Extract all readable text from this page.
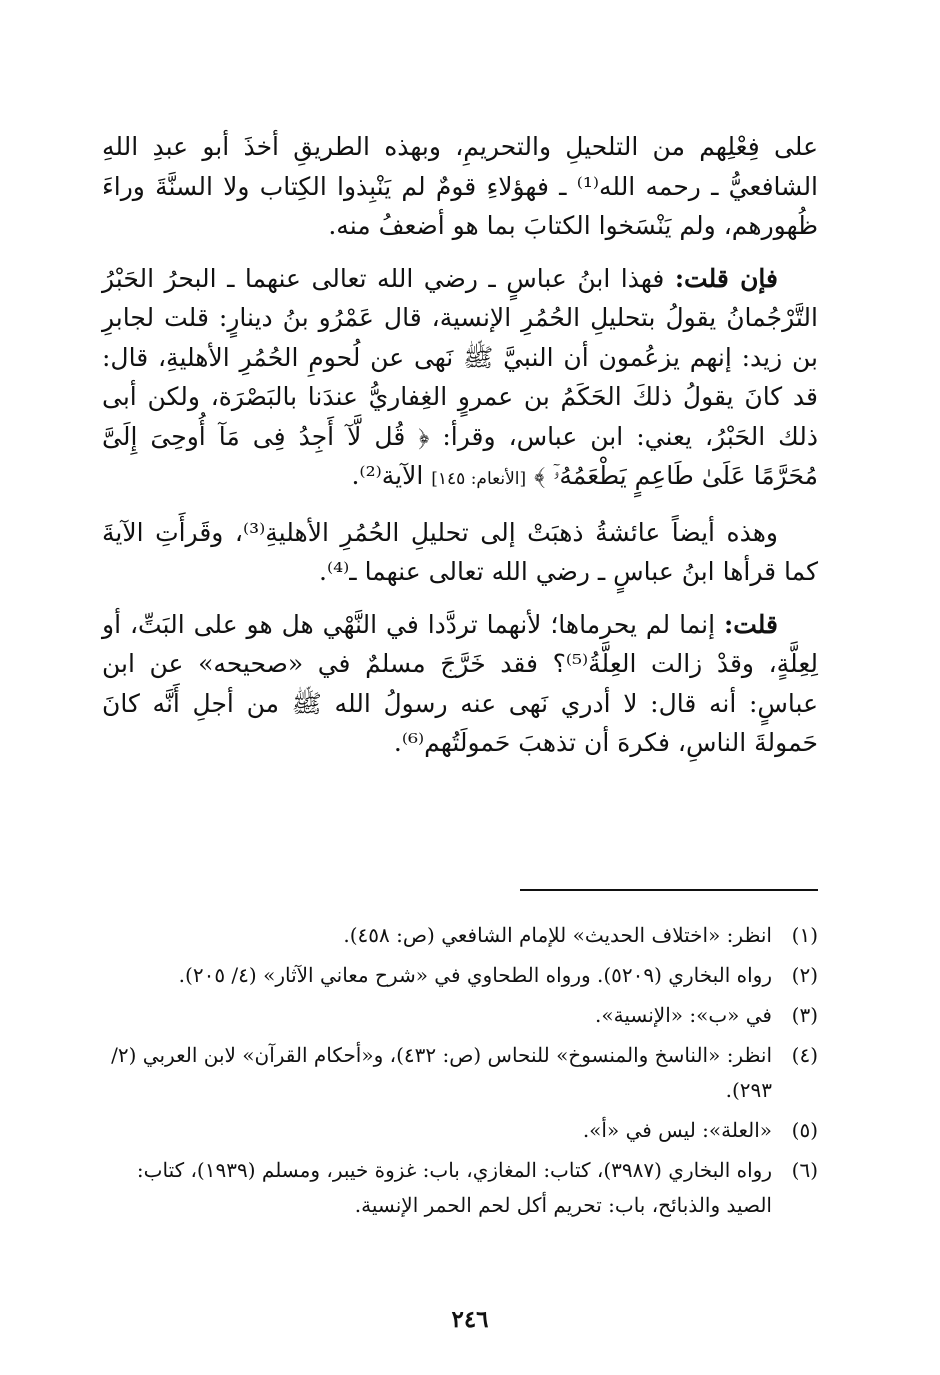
على فِعْلِهم من التلحيلِ والتحريمِ، وبهذه الطريقِ أخذَ أبو عبدِ اللهِ الشافعيُّ ـ رحمه الله⁽¹⁾ ـ فهؤلاءِ قومٌ لم يَنْبِذوا الكِتاب ولا السنَّةَ وراءَ ظُهورهم، ولم يَنْسَخوا الكتابَ بما هو أضعفُ منه.

فإن قلت: فهذا ابنُ عباسٍ ـ رضي الله تعالى عنهما ـ البحرُ الحَبْرُ التَّرْجُمانُ يقولُ بتحليلِ الحُمُرِ الإنسية، قال عَمْرُو بنُ دينارٍ: قلت لجابرِ بن زيد: إنهم يزعُمون أن النبيَّ ﷺ نَهى عن لُحومِ الحُمُرِ الأهليةِ، قال: قد كانَ يقولُ ذلكَ الحَكَمُ بن عمروٍ الغِفاريُّ عندَنا بالبَصْرَة، ولكن أبى ذلك الحَبْرُ، يعني: ابن عباس، وقرأ: ﴿ قُل لَّآ أَجِدُ فِى مَآ أُوحِىَ إِلَىَّ مُحَرَّمًا عَلَىٰ طَاعِمٍ يَطْعَمُهُۥٓ ﴾ [الأنعام: ١٤٥] الآية⁽²⁾.

وهذه أيضاً عائشةُ ذهبَتْ إلى تحليلِ الحُمُرِ الأهليةِ⁽³⁾، وقَرأَتِ الآيةَ كما قرأها ابنُ عباسٍ ـ رضي الله تعالى عنهما ـ⁽⁴⁾.

قلت: إنما لم يحرماها؛ لأنهما تردَّدا في النَّهْي هل هو على البَتِّ، أو لِعِلَّةٍ، وقدْ زالت العِلَّةُ⁽⁵⁾؟ فقد خَرَّجَ مسلمٌ في «صحيحه» عن ابن عباسٍ: أنه قال: لا أدري نَهى عنه رسولُ الله ﷺ من أجلِ أَنَّه كانَ حَمولةَ الناسِ، فكرهَ أن تذهبَ حَمولَتُهم⁽⁶⁾.

(١)
انظر: «اختلاف الحديث» للإمام الشافعي (ص: ٤٥٨).
(٢)
رواه البخاري (٥٢٠٩). ورواه الطحاوي في «شرح معاني الآثار» (٤/ ٢٠٥).
(٣)
في «ب»: «الإنسية».
(٤)
انظر: «الناسخ والمنسوخ» للنحاس (ص: ٤٣٢)، و«أحكام القرآن» لابن العربي (٢/ ٢٩٣).
(٥)
«العلة»: ليس في «أ».
(٦)
رواه البخاري (٣٩٨٧)، كتاب: المغازي، باب: غزوة خيبر، ومسلم (١٩٣٩)، كتاب: الصيد والذبائح، باب: تحريم أكل لحم الحمر الإنسية.
٢٤٦
